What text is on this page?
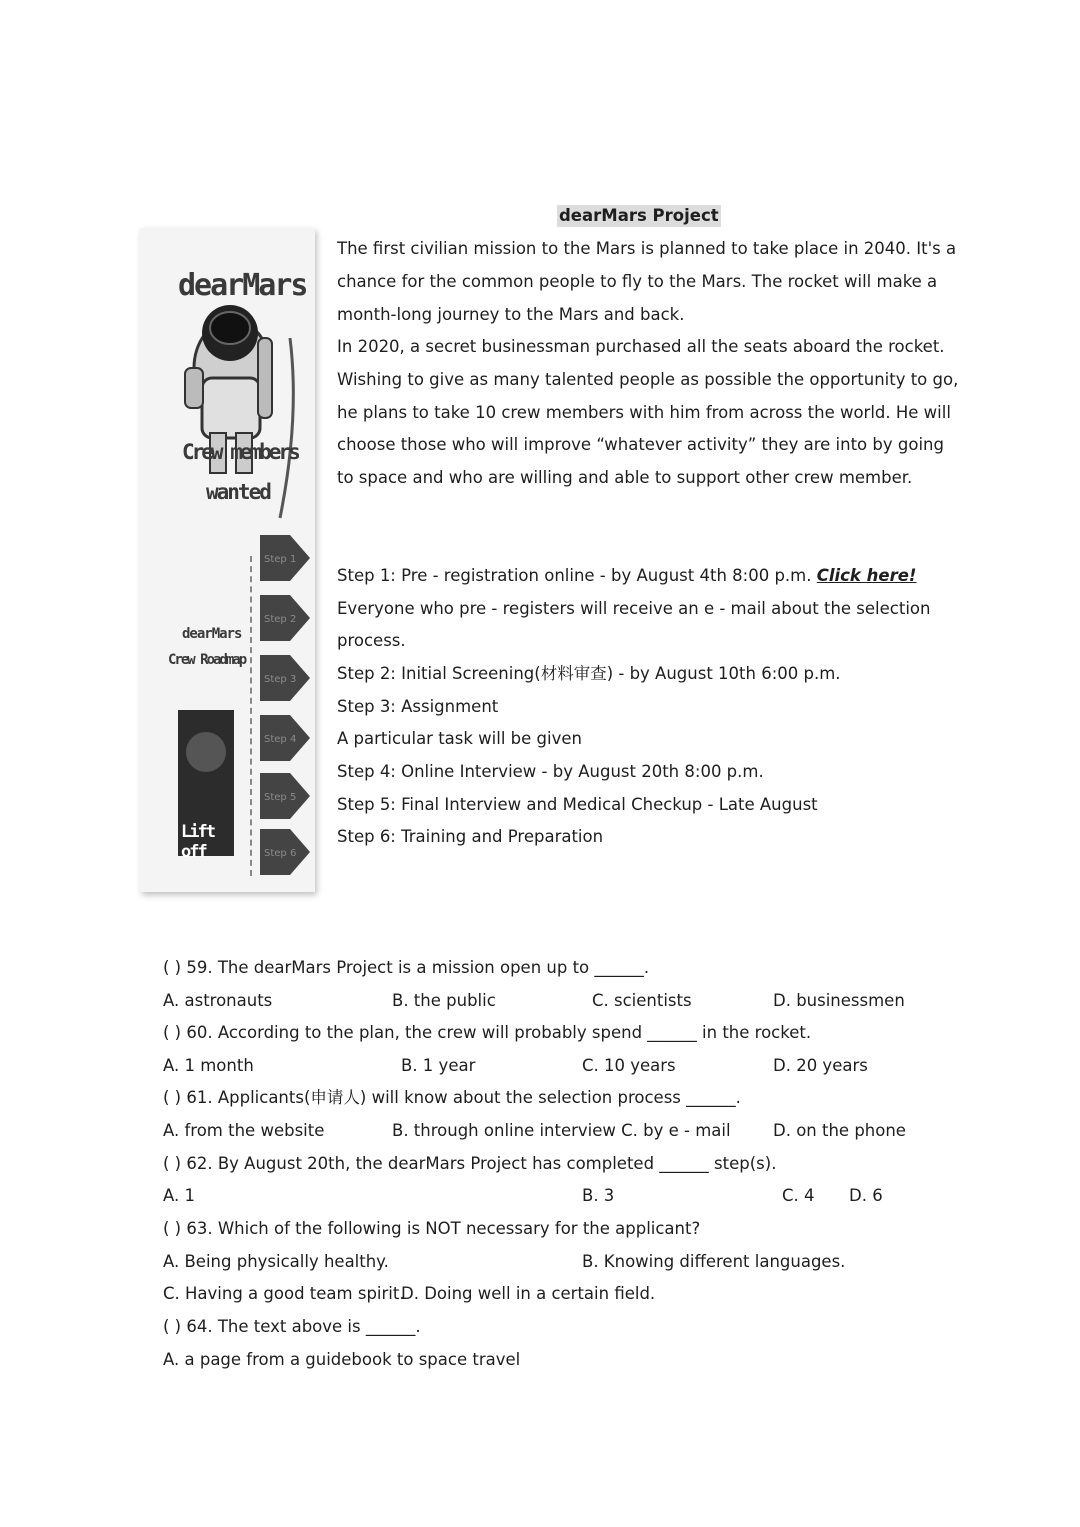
dearMars Project
dearMars
Crew members
wanted
dearMars
Crew Roadmap
Lift off
Step 1
Step 2
Step 3
Step 4
Step 5
Step 6
The first civilian mission to the Mars is planned to take place in 2040. It's a
chance for the common people to fly to the Mars. The rocket will make a
month-long journey to the Mars and back.
In 2020, a secret businessman purchased all the seats aboard the rocket.
Wishing to give as many talented people as possible the opportunity to go,
he plans to take 10 crew members with him from across the world. He will
choose those who will improve “whatever activity” they are into by going
to space and who are willing and able to support other crew member.
Step 1: Pre - registration online - by August 4th 8:00 p.m. Click here!
Everyone who pre - registers will receive an e - mail about the selection
process.
Step 2: Initial Screening(材料审查) - by August 10th 6:00 p.m.
Step 3: Assignment
A particular task will be given
Step 4: Online Interview - by August 20th 8:00 p.m.
Step 5: Final Interview and Medical Checkup - Late August
Step 6: Training and Preparation
( ) 59. The dearMars Project is a mission open up to ______.
A. astronauts	B. the public	C. scientists	D. businessmen
( ) 60. According to the plan, the crew will probably spend ______ in the rocket.
A. 1 month	B. 1 year	C. 10 years	D. 20 years
( ) 61. Applicants(申请人) will know about the selection process ______.
A. from the website	B. through online interview C. by e - mail	D. on the phone
( ) 62. By August 20th, the dearMars Project has completed ______ step(s).
A. 1	B. 3	C. 4 D. 6
( ) 63. Which of the following is NOT necessary for the applicant?
A. Being physically healthy.	B. Knowing different languages.
C. Having a good team spirit.
D. Doing well in a certain field.
( ) 64. The text above is ______.
A. a page from a guidebook to space travel
